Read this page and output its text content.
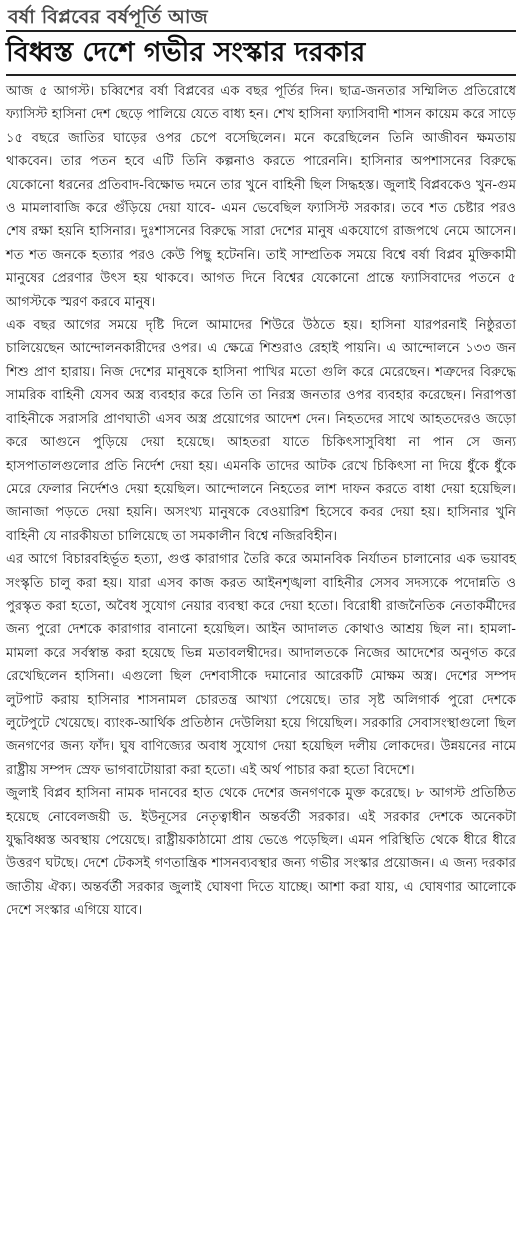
বর্ষা বিপ্লবের বর্ষপূর্তি আজ
বিধ্বস্ত দেশে গভীর সংস্কার দরকার

আজ ৫ আগস্ট। চব্বিশের বর্ষা বিপ্লবের এক বছর পূর্তির দিন। ছাত্র-জনতার সম্মিলিত প্রতিরোধে ফ্যাসিস্ট হাসিনা দেশ ছেড়ে পালিয়ে যেতে বাধ্য হন। শেখ হাসিনা ফ্যাসিবাদী শাসন কায়েম করে সাড়ে ১৫ বছরে জাতির ঘাড়ের ওপর চেপে বসেছিলেন। মনে করেছিলেন তিনি আজীবন ক্ষমতায় থাকবেন। তার পতন হবে এটি তিনি কল্পনাও করতে পারেননি। হাসিনার অপশাসনের বিরুদ্ধে যেকোনো ধরনের প্রতিবাদ-বিক্ষোভ দমনে তার খুনে বাহিনী ছিল সিদ্ধহস্ত। জুলাই বিপ্লবকেও খুন-গুম ও মামলাবাজি করে গুঁড়িয়ে দেয়া যাবে- এমন ভেবেছিল ফ্যাসিস্ট সরকার। তবে শত চেষ্টার পরও শেষ রক্ষা হয়নি হাসিনার। দুঃশাসনের বিরুদ্ধে সারা দেশের মানুষ একযোগে রাজপথে নেমে আসেন। শত শত জনকে হত্যার পরও কেউ পিছু হটেননি। তাই সাম্প্রতিক সময়ে বিশ্বে বর্ষা বিপ্লব মুক্তিকামী মানুষের প্রেরণার উৎস হয় থাকবে। আগত দিনে বিশ্বের যেকোনো প্রান্তে ফ্যাসিবাদের পতনে ৫ আগস্টকে স্মরণ করবে মানুষ।

এক বছর আগের সময়ে দৃষ্টি দিলে আমাদের শিউরে উঠতে হয়। হাসিনা যারপরনাই নিষ্ঠুরতা চালিয়েছেন আন্দোলনকারীদের ওপর। এ ক্ষেত্রে শিশুরাও রেহাই পায়নি। এ আন্দোলনে ১৩৩ জন শিশু প্রাণ হারায়। নিজ দেশের মানুষকে হাসিনা পাখির মতো গুলি করে মেরেছেন। শত্রুদের বিরুদ্ধে সামরিক বাহিনী যেসব অস্ত্র ব্যবহার করে তিনি তা নিরস্ত্র জনতার ওপর ব্যবহার করেছেন। নিরাপত্তা বাহিনীকে সরাসরি প্রাণঘাতী এসব অস্ত্র প্রয়োগের আদেশ দেন। নিহতদের সাথে আহতদেরও জড়ো করে আগুনে পুড়িয়ে দেয়া হয়েছে। আহতরা যাতে চিকিৎসাসুবিধা না পান সে জন্য হাসপাতালগুলোর প্রতি নির্দেশ দেয়া হয়। এমনকি তাদের আটক রেখে চিকিৎসা না দিয়ে ধুঁকে ধুঁকে মেরে ফেলার নির্দেশও দেয়া হয়েছিল। আন্দোলনে নিহতের লাশ দাফন করতে বাধা দেয়া হয়েছিল। জানাজা পড়তে দেয়া হয়নি। অসংখ্য মানুষকে বেওয়ারিশ হিসেবে কবর দেয়া হয়। হাসিনার খুনি বাহিনী যে নারকীয়তা চালিয়েছে তা সমকালীন বিশ্বে নজিরবিহীন।

এর আগে বিচারবহির্ভূত হত্যা, গুপ্ত কারাগার তৈরি করে অমানবিক নির্যাতন চালানোর এক ভয়াবহ সংস্কৃতি চালু করা হয়। যারা এসব কাজ করত আইনশৃঙ্খলা বাহিনীর সেসব সদস্যকে পদোন্নতি ও পুরস্কৃত করা হতো, অবৈধ সুযোগ নেয়ার ব্যবস্থা করে দেয়া হতো। বিরোধী রাজনৈতিক নেতাকর্মীদের জন্য পুরো দেশকে কারাগার বানানো হয়েছিল। আইন আদালত কোথাও আশ্রয় ছিল না। হামলা-মামলা করে সর্বস্বান্ত করা হয়েছে ভিন্ন মতাবলম্বীদের। আদালতকে নিজের আদেশের অনুগত করে রেখেছিলেন হাসিনা। এগুলো ছিল দেশবাসীকে দমানোর আরেকটি মোক্ষম অস্ত্র। দেশের সম্পদ লুটপাট করায় হাসিনার শাসনামল চোরতন্ত্র আখ্যা পেয়েছে। তার সৃষ্ট অলিগার্ক পুরো দেশকে লুটেপুটে খেয়েছে। ব্যাংক-আর্থিক প্রতিষ্ঠান দেউলিয়া হয়ে গিয়েছিল। সরকারি সেবাসংস্থাগুলো ছিল জনগণের জন্য ফাঁদ। ঘুষ বাণিজ্যের অবাধ সুযোগ দেয়া হয়েছিল দলীয় লোকদের। উন্নয়নের নামে রাষ্ট্রীয় সম্পদ স্রেফ ভাগবাটোয়ারা করা হতো। এই অর্থ পাচার করা হতো বিদেশে।

জুলাই বিপ্লব হাসিনা নামক দানবের হাত থেকে দেশের জনগণকে মুক্ত করেছে। ৮ আগস্ট প্রতিষ্ঠিত হয়েছে নোবেলজয়ী ড. ইউনূসের নেতৃত্বাধীন অন্তর্বর্তী সরকার। এই সরকার দেশকে অনেকটা যুদ্ধবিধ্বস্ত অবস্থায় পেয়েছে। রাষ্ট্রীয়কাঠামো প্রায় ভেঙে পড়েছিল। এমন পরিস্থিতি থেকে ধীরে ধীরে উত্তরণ ঘটছে। দেশে টেকসই গণতান্ত্রিক শাসনব্যবস্থার জন্য গভীর সংস্কার প্রয়োজন। এ জন্য দরকার জাতীয় ঐক্য। অন্তর্বর্তী সরকার জুলাই ঘোষণা দিতে যাচ্ছে। আশা করা যায়, এ ঘোষণার আলোকে দেশে সংস্কার এগিয়ে যাবে।
